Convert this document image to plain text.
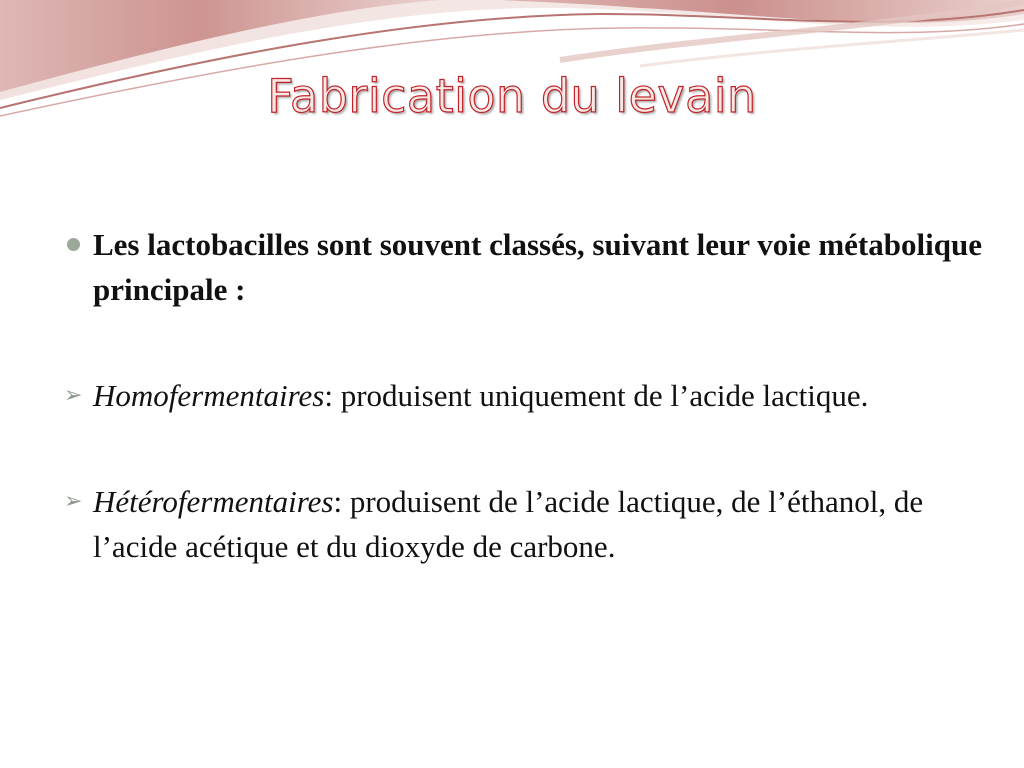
Fabrication du levain

Les lactobacilles sont souvent classés, suivant leur voie métabolique principale :

➢ Homofermentaires: produisent uniquement de l’acide lactique.

➢ Hétérofermentaires: produisent de l’acide lactique, de l’éthanol, de l’acide acétique et du dioxyde de carbone.
